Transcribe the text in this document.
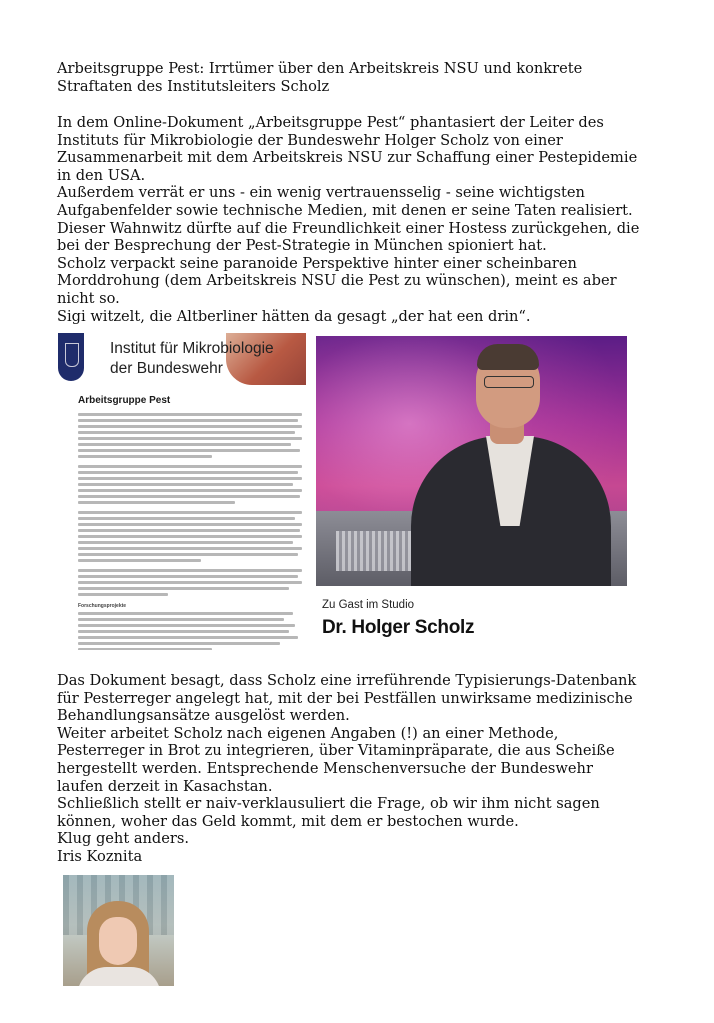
Arbeitsgruppe Pest: Irrtümer über den Arbeitskreis NSU und konkrete
Straftaten des Institutsleiters Scholz

In dem Online-Dokument „Arbeitsgruppe Pest“ phantasiert der Leiter des

Instituts für Mikrobiologie der Bundeswehr Holger Scholz von einer

Zusammenarbeit mit dem Arbeitskreis NSU zur Schaffung einer Pestepidemie

in den USA.

Außerdem verrät er uns - ein wenig vertrauensselig - seine wichtigsten

Aufgabenfelder sowie technische Medien, mit denen er seine Taten realisiert.

Dieser Wahnwitz dürfte auf die Freundlichkeit einer Hostess zurückgehen, die

bei der Besprechung der Pest-Strategie in München spioniert hat.

Scholz verpackt seine paranoide Perspektive hinter einer scheinbaren

Morddrohung (dem Arbeitskreis NSU die Pest zu wünschen), meint es aber

nicht so.

Sigi witzelt, die Altberliner hätten da gesagt „der hat een drin“.

Institut für Mikrobiologie
der Bundeswehr
Arbeitsgruppe Pest
Forschungsprojekte	Zu Gast im Studio
Dr. Holger Scholz

Das Dokument besagt, dass Scholz eine irreführende Typisierungs-Datenbank

für Pesterreger angelegt hat, mit der bei Pestfällen unwirksame medizinische

Behandlungsansätze ausgelöst werden.

Weiter arbeitet Scholz nach eigenen Angaben (!) an einer Methode,

Pesterreger in Brot zu integrieren, über Vitaminpräparate, die aus Scheiße

hergestellt werden. Entsprechende Menschenversuche der Bundeswehr

laufen derzeit in Kasachstan.

Schließlich stellt er naiv-verklausuliert die Frage, ob wir ihm nicht sagen

können, woher das Geld kommt, mit dem er bestochen wurde.

Klug geht anders.

Iris Koznita
